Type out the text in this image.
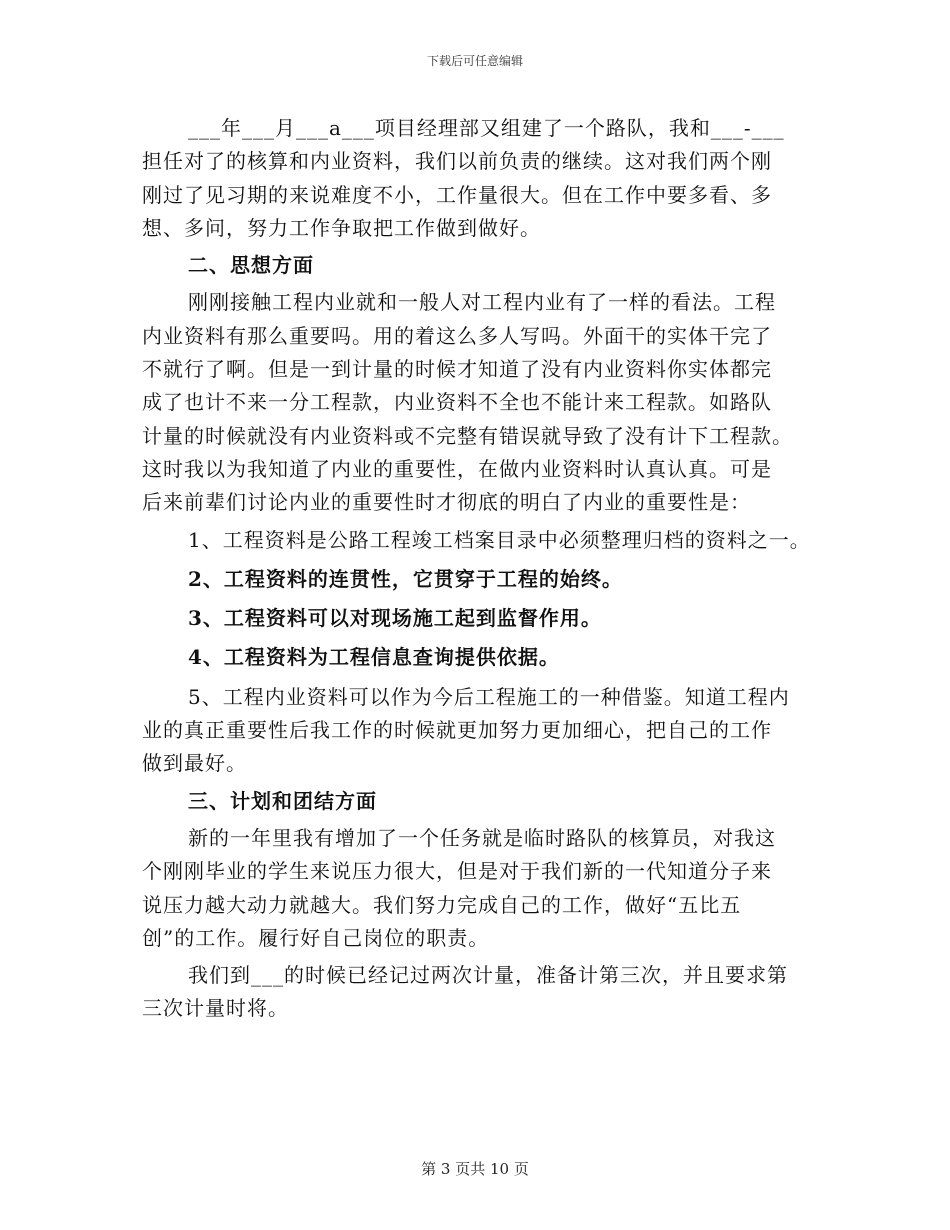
下载后可任意编辑
___年___月___a___项目经理部又组建了一个路队，我和___-___
担任对了的核算和内业资料，我们以前负责的继续。这对我们两个刚
刚过了见习期的来说难度不小，工作量很大。但在工作中要多看、多
想、多问，努力工作争取把工作做到做好。
二、思想方面
刚刚接触工程内业就和一般人对工程内业有了一样的看法。工程
内业资料有那么重要吗。用的着这么多人写吗。外面干的实体干完了
不就行了啊。但是一到计量的时候才知道了没有内业资料你实体都完
成了也计不来一分工程款，内业资料不全也不能计来工程款。如路队
计量的时候就没有内业资料或不完整有错误就导致了没有计下工程款。
这时我以为我知道了内业的重要性，在做内业资料时认真认真。可是
后来前辈们讨论内业的重要性时才彻底的明白了内业的重要性是：
1、工程资料是公路工程竣工档案目录中必须整理归档的资料之一。
2、工程资料的连贯性，它贯穿于工程的始终。
3、工程资料可以对现场施工起到监督作用。
4、工程资料为工程信息查询提供依据。
5、工程内业资料可以作为今后工程施工的一种借鉴。知道工程内
业的真正重要性后我工作的时候就更加努力更加细心，把自己的工作
做到最好。
三、计划和团结方面
新的一年里我有增加了一个任务就是临时路队的核算员，对我这
个刚刚毕业的学生来说压力很大，但是对于我们新的一代知道分子来
说压力越大动力就越大。我们努力完成自己的工作，做好“五比五
创”的工作。履行好自己岗位的职责。
我们到___的时候已经记过两次计量，准备计第三次，并且要求第
三次计量时将。
第 3 页共 10 页
